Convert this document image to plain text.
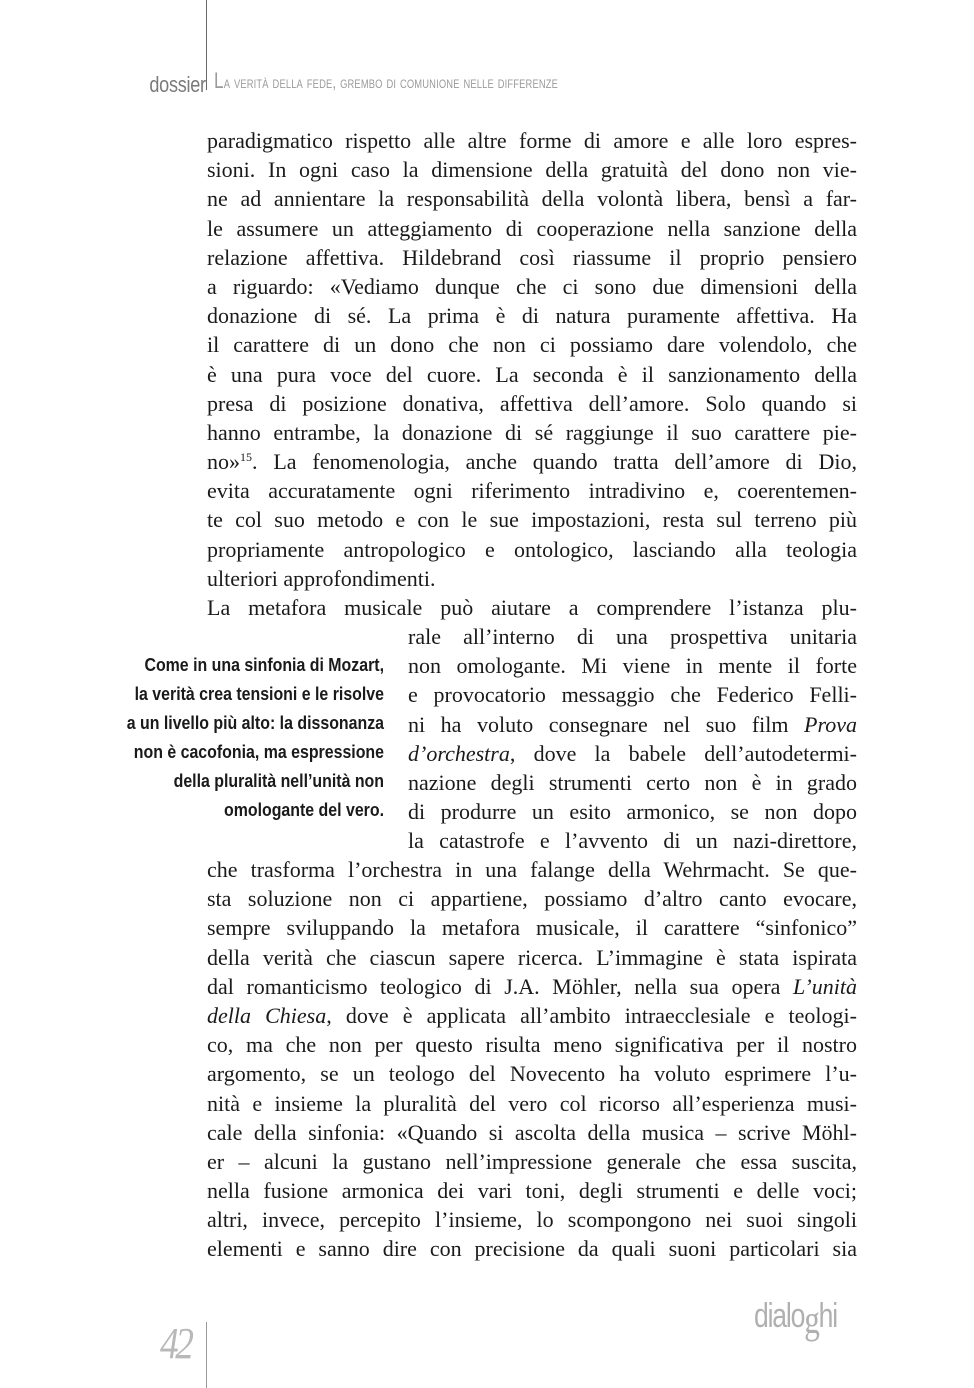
dossier La verità della fede, grembo di comunione nelle differenze
paradigmatico rispetto alle altre forme di amore e alle loro espres-
sioni. In ogni caso la dimensione della gratuità del dono non vie-
ne ad annientare la responsabilità della volontà libera, bensì a far-
le assumere un atteggiamento di cooperazione nella sanzione della
relazione affettiva. Hildebrand così riassume il proprio pensiero
a riguardo: «Vediamo dunque che ci sono due dimensioni della
donazione di sé. La prima è di natura puramente affettiva. Ha
il carattere di un dono che non ci possiamo dare volendolo, che
è una pura voce del cuore. La seconda è il sanzionamento della
presa di posizione donativa, affettiva dell’amore. Solo quando si
hanno entrambe, la donazione di sé raggiunge il suo carattere pie-
no»$^{15}$. La fenomenologia, anche quando tratta dell’amore di Dio,
evita accuratamente ogni riferimento intradivino e, coerentemen-
te col suo metodo e con le sue impostazioni, resta sul terreno più
propriamente antropologico e ontologico, lasciando alla teologia
ulteriori approfondimenti.
La metafora musicale può aiutare a comprendere l’istanza plu-
rale all’interno di una prospettiva unitaria
non omologante. Mi viene in mente il forte
e provocatorio messaggio che Federico Felli-
ni ha voluto consegnare nel suo film Prova
d’orchestra, dove la babele dell’autodetermi-
nazione degli strumenti certo non è in grado
di produrre un esito armonico, se non dopo
la catastrofe e l’avvento di un nazi-direttore,
Come in una sinfonia di Mozart,
la verità crea tensioni e le risolve
a un livello più alto: la dissonanza
non è cacofonia, ma espressione
della pluralità nell’unità non
omologante del vero.
che trasforma l’orchestra in una falange della Wehrmacht. Se que-
sta soluzione non ci appartiene, possiamo d’altro canto evocare,
sempre sviluppando la metafora musicale, il carattere “sinfonico”
della verità che ciascun sapere ricerca. L’immagine è stata ispirata
dal romanticismo teologico di J.A. Möhler, nella sua opera L’unità
della Chiesa, dove è applicata all’ambito intraecclesiale e teologi-
co, ma che non per questo risulta meno significativa per il nostro
argomento, se un teologo del Novecento ha voluto esprimere l’u-
nità e insieme la pluralità del vero col ricorso all’esperienza musi-
cale della sinfonia: «Quando si ascolta della musica – scrive Möhl-
er – alcuni la gustano nell’impressione generale che essa suscita,
nella fusione armonica dei vari toni, degli strumenti e delle voci;
altri, invece, percepito l’insieme, lo scompongono nei suoi singoli
elementi e sanno dire con precisione da quali suoni particolari sia
42
dialoghi
